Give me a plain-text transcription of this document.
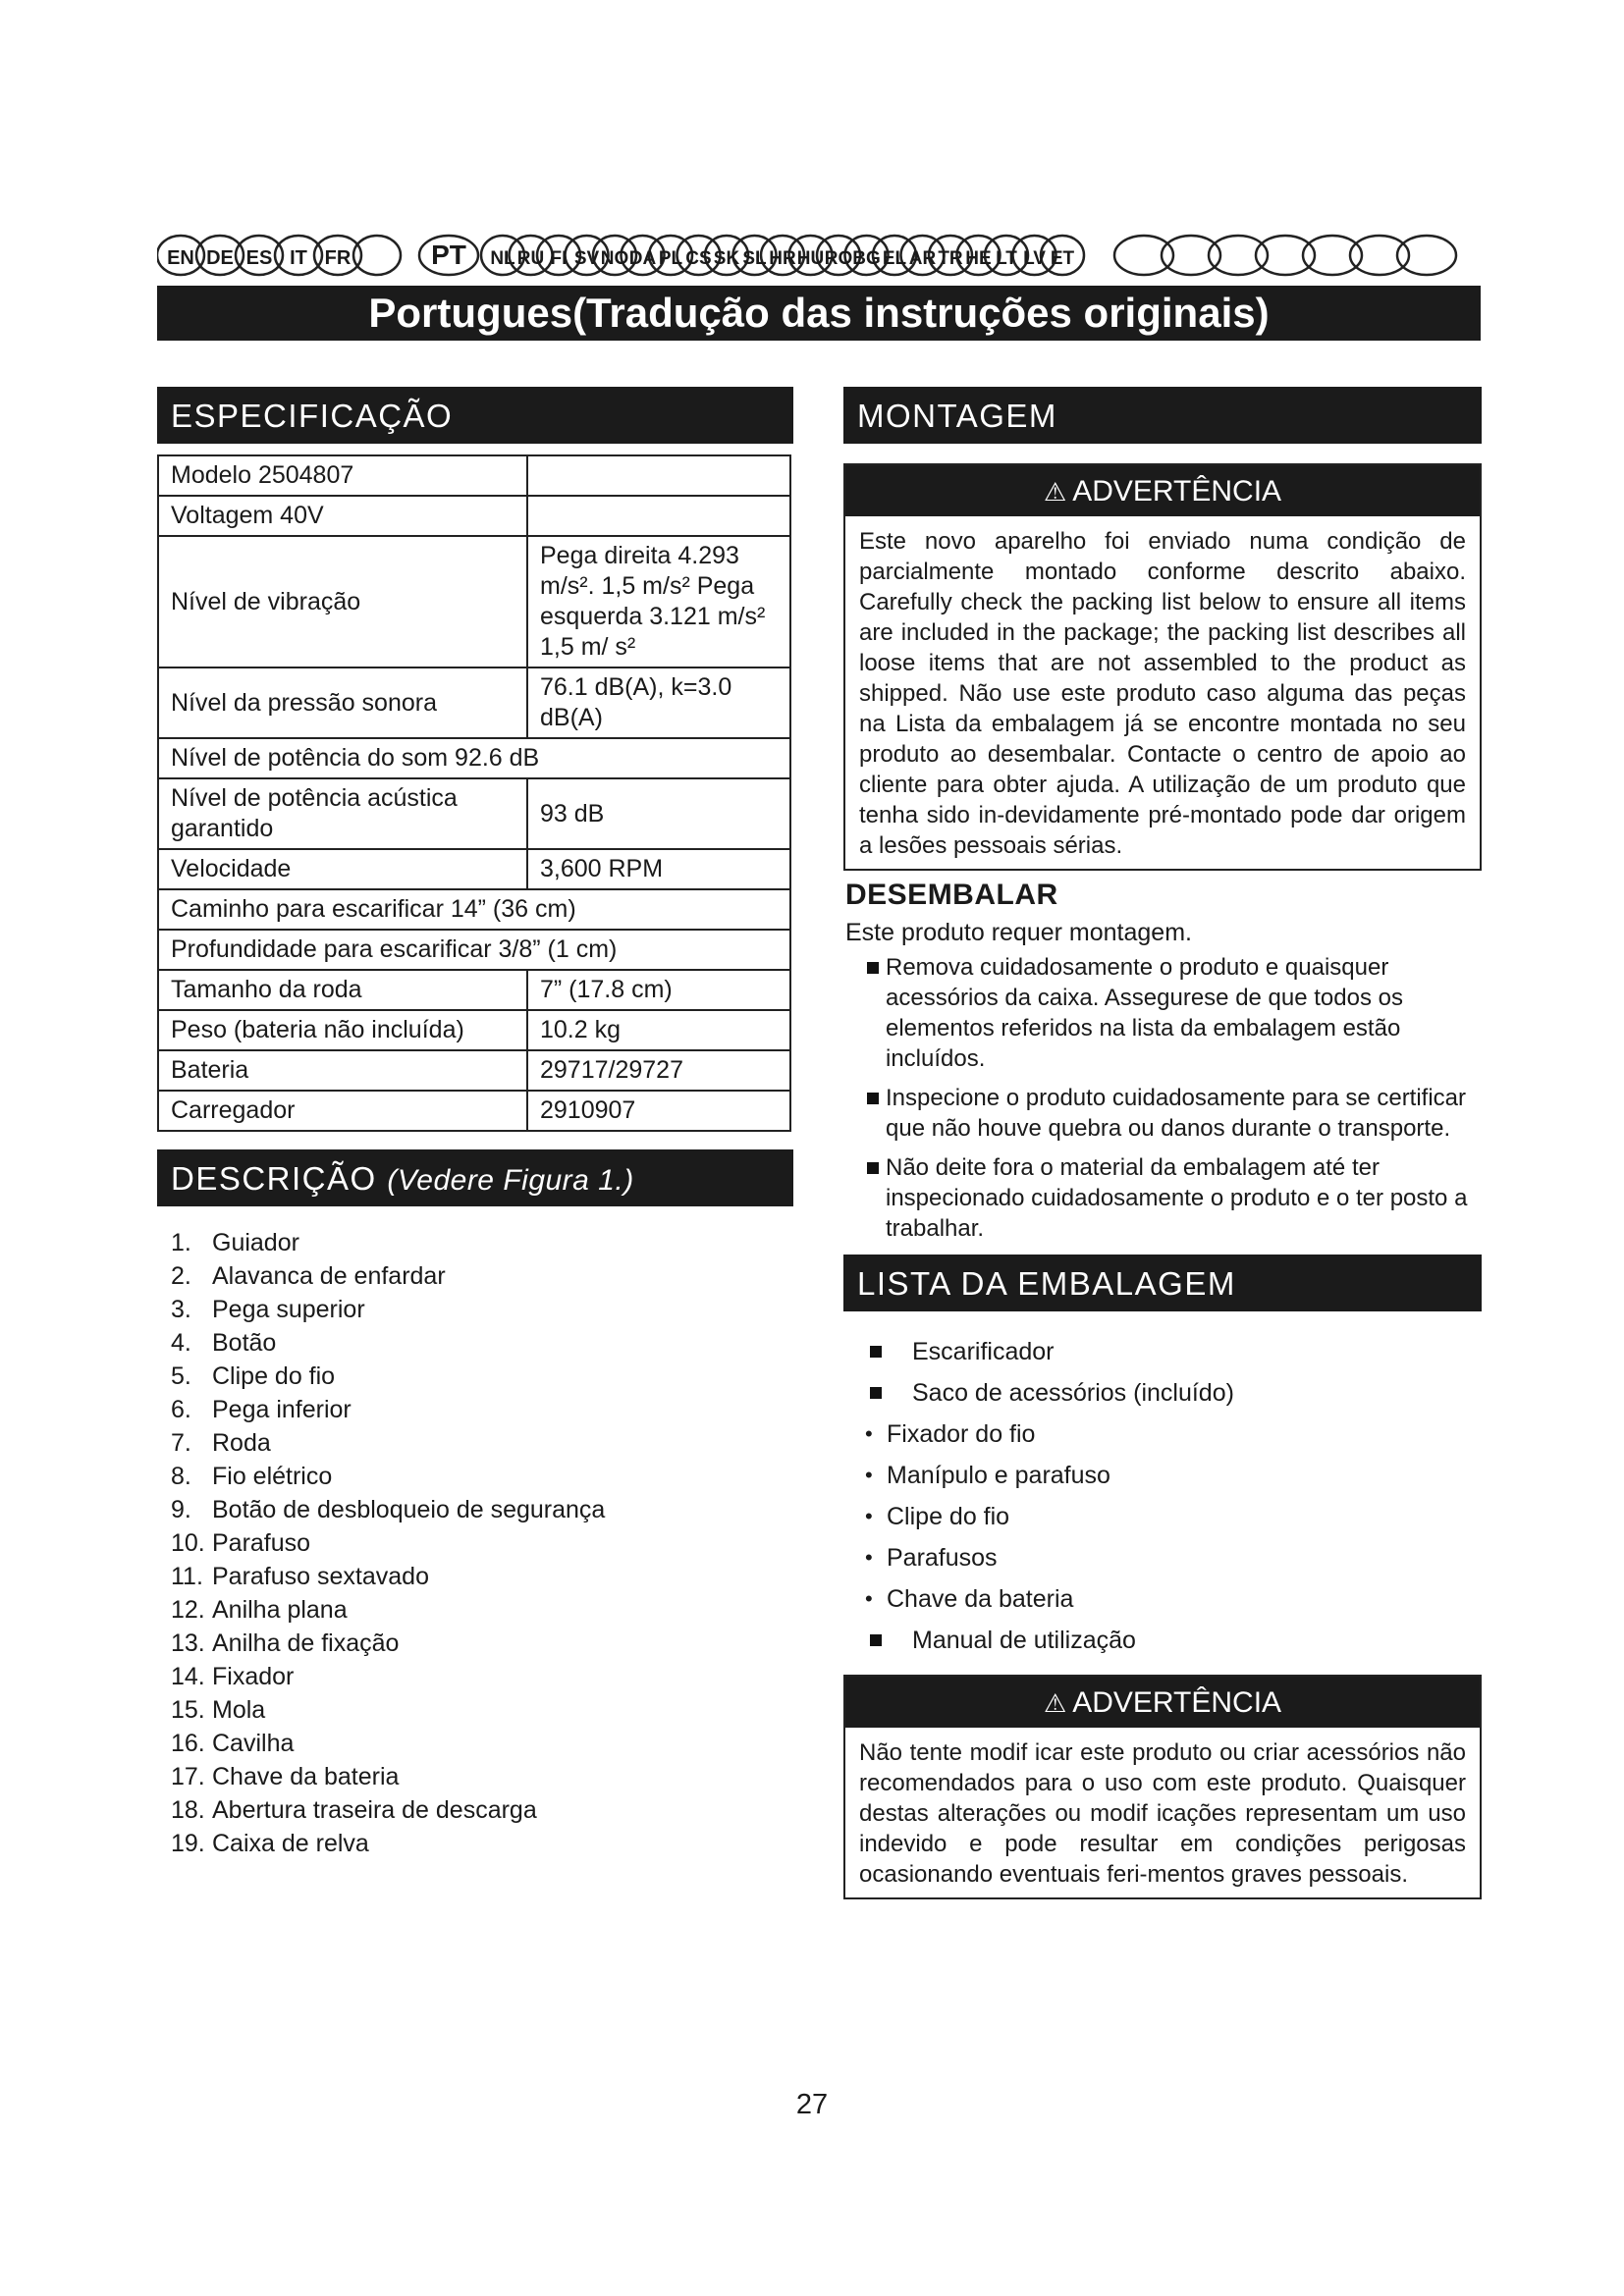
EN DE ES IT FR	PT NL RU FI SV NO DA PL CS SK SL HR HU RO BG EL AR TR HE LT LV ET
Portugues(Tradução das instruções originais)
ESPECIFICAÇÃO
Modelo 2504807	
Voltagem 40V	
Nível de vibração	Pega direita 4.293 m/s². 1,5 m/s² Pega esquerda 3.121 m/s² 1,5 m/ s²
Nível da pressão sonora	76.1 dB(A), k=3.0 dB(A)
Nível de potência do som 92.6 dB	
Nível de potência acústica garantido	93 dB
Velocidade	3,600 RPM
Caminho para escarificar 14” (36 cm)	
Profundidade para escarificar 3/8” (1 cm)	
Tamanho da roda	7” (17.8 cm)
Peso (bateria não incluída)	10.2 kg
Bateria	29717/29727
Carregador	2910907
DESCRIÇÃO (Vedere Figura 1.)
1. Guiador
2. Alavanca de enfardar
3. Pega superior
4. Botão
5. Clipe do fio
6. Pega inferior
7. Roda
8. Fio elétrico
9. Botão de desbloqueio de segurança
10. Parafuso
11. Parafuso sextavado
12. Anilha plana
13. Anilha de fixação
14. Fixador
15. Mola
16. Cavilha
17. Chave da bateria
18. Abertura traseira de descarga
19. Caixa de relva
MONTAGEM
⚠ ADVERTÊNCIA
Este novo aparelho foi enviado numa condição de parcialmente montado conforme descrito abaixo. Carefully check the packing list below to ensure all items are included in the package; the packing list describes all loose items that are not assembled to the product as shipped. Não use este produto caso alguma das peças na Lista da embalagem já se encontre montada no seu produto ao desembalar. Contacte o centro de apoio ao cliente para obter ajuda. A utilização de um produto que tenha sido in-devidamente pré-montado pode dar origem a lesões pessoais sérias.
DESEMBALAR
Este produto requer montagem.
Remova cuidadosamente o produto e quaisquer acessórios da caixa. Assegurese de que todos os elementos referidos na lista da embalagem estão incluídos.
Inspecione o produto cuidadosamente para se certificar que não houve quebra ou danos durante o transporte.
Não deite fora o material da embalagem até ter inspecionado cuidadosamente o produto e o ter posto a trabalhar.
LISTA DA EMBALAGEM
Escarificador
Saco de acessórios (incluído)
• Fixador do fio
• Manípulo e parafuso
• Clipe do fio
• Parafusos
• Chave da bateria
Manual de utilização
⚠ ADVERTÊNCIA
Não tente modif icar este produto ou criar acessórios não recomendados para o uso com este produto. Quaisquer destas alterações ou modif icações representam um uso indevido e pode resultar em condições perigosas ocasionando eventuais feri-mentos graves pessoais.
27
